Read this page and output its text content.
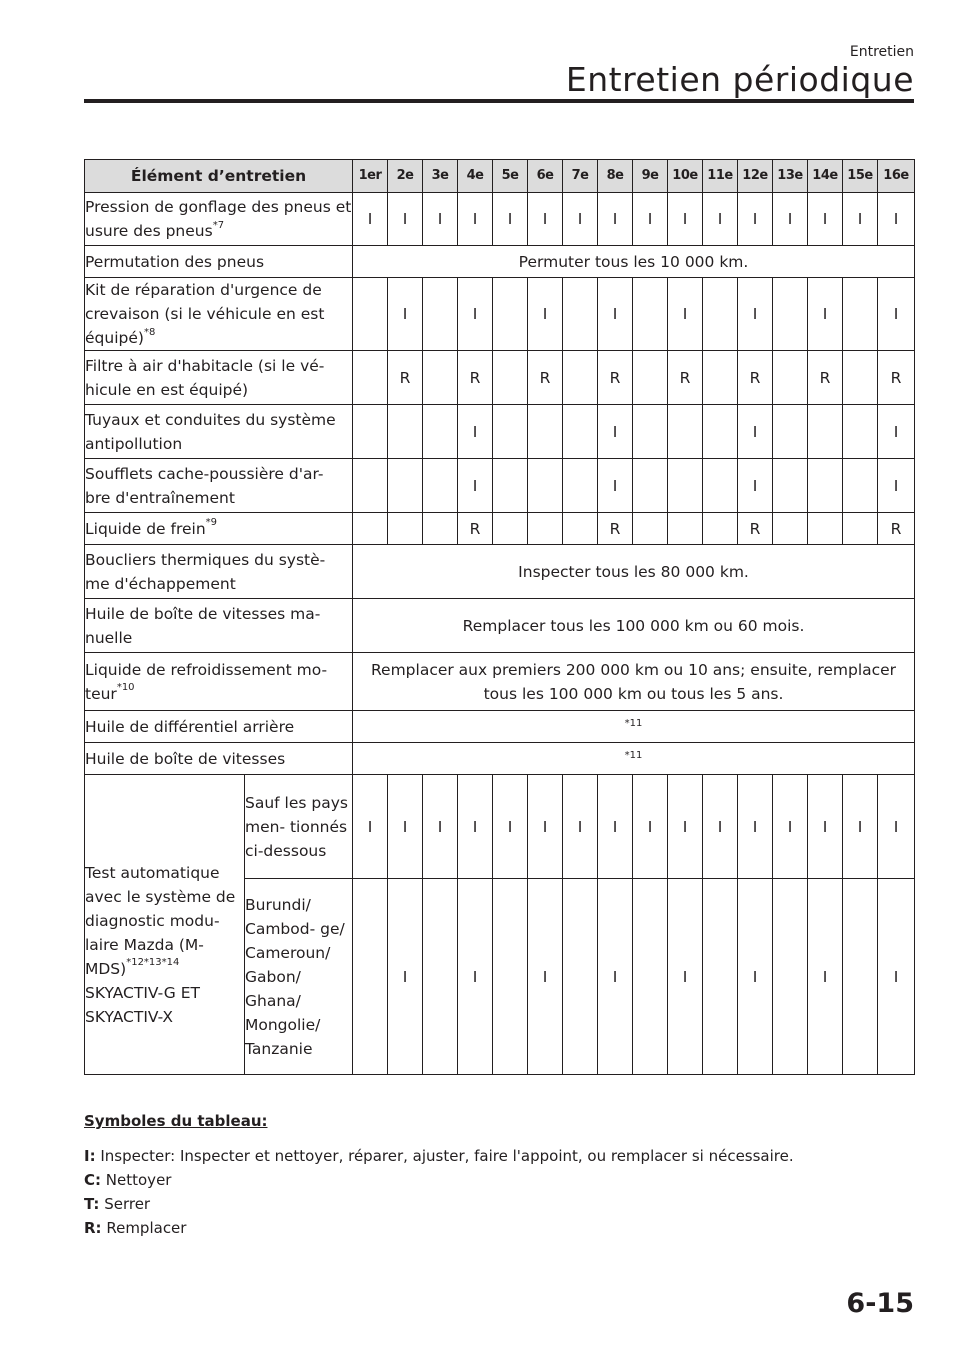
Entretien
Entretien périodique
Élément d’entretien		1er	2e	3e	4e	5e	6e	7e	8e	9e	10e	11e	12e	13e	14e	15e	16e
Pression de gonflage des pneus et usure des pneus$^{*7}$		I	I	I	I	I	I	I	I	I	I	I	I	I	I	I	I
Permutation des pneus		Permuter tous les 10 000 km.															
Kit de réparation d'urgence de crevaison (si le véhicule en est équipé)$^{*8}$			I		I		I		I		I		I		I		I
Filtre à air d'habitacle (si le vé- hicule en est équipé)			R		R		R		R		R		R		R		R
Tuyaux et conduites du système antipollution					I				I				I				I
Soufflets cache-poussière d'ar- bre d'entraînement					I				I				I				I
Liquide de frein$^{*9}$					R				R				R				R
Boucliers thermiques du systè- me d'échappement		Inspecter tous les 80 000 km.															
Huile de boîte de vitesses ma- nuelle		Remplacer tous les 100 000 km ou 60 mois.															
Liquide de refroidissement mo- teur$^{*10}$		Remplacer aux premiers 200 000 km ou 10 ans; ensuite, remplacer tous les 100 000 km ou tous les 5 ans.															
Huile de différentiel arrière		$^{*11}$
Huile de boîte de vitesses		$^{*11}$
Test automatique avec le système de diagnostic modu- laire Mazda $(M-MDS)^{*12*13*14}$
SKYACTIV-G ET SKYACTIV-X	Sauf les pays men- tionnés ci-dessous	I	I	I	I	I	I	I	I	I	I	I	I	I	I	I	I
	Burundi/ Cambod- ge/ Cameroun/ Gabon/ Ghana/ Mongolie/ Tanzanie		I		I		I		I		I		I		I		I
Symboles du tableau:
I: Inspecter: Inspecter et nettoyer, réparer, ajuster, faire l'appoint, ou remplacer si nécessaire.
C: Nettoyer
T: Serrer
R: Remplacer
6-15
